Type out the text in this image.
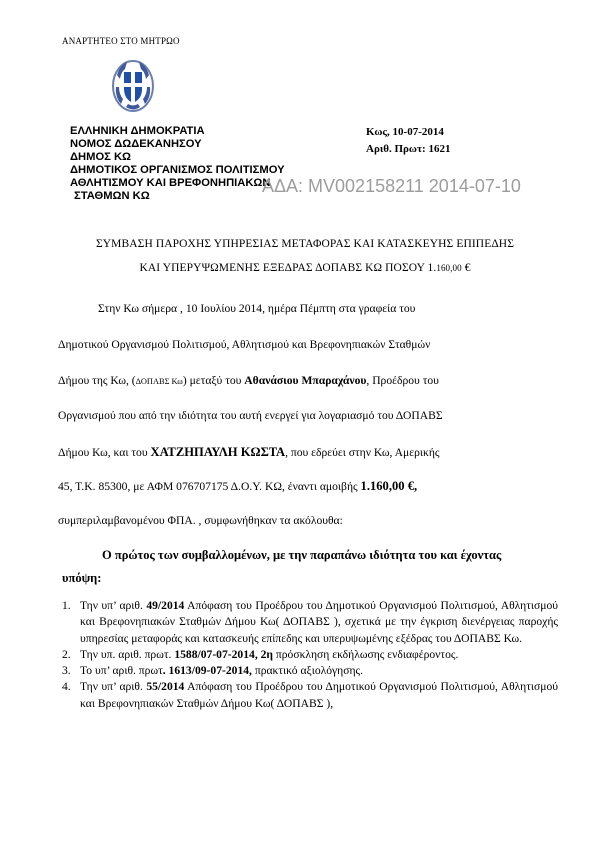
ΑΝΑΡΤΗΤΕΟ ΣΤΟ ΜΗΤΡΩΟ
ΕΛΛΗΝΙΚΗ ΔΗΜΟΚΡΑΤΙΑ
ΝΟΜΟΣ ΔΩΔΕΚΑΝΗΣΟΥ
ΔΗΜΟΣ ΚΩ
ΔΗΜΟΤΙΚΟΣ ΟΡΓΑΝΙΣΜΟΣ ΠΟΛΙΤΙΣΜΟΥ
ΑΘΛΗΤΙΣΜΟΥ ΚΑΙ ΒΡΕΦΟΝΗΠΙΑΚΩΝ
ΣΤΑΘΜΩΝ ΚΩ
Κως, 10-07-2014
Αριθ. Πρωτ: 1621
ΑΔΑ: MV002158211 2014-07-10
ΣΥΜΒΑΣΗ ΠΑΡΟΧΗΣ ΥΠΗΡΕΣΙΑΣ ΜΕΤΑΦΟΡΑΣ ΚΑΙ ΚΑΤΑΣΚΕΥΗΣ ΕΠΙΠΕΔΗΣ
ΚΑΙ ΥΠΕΡΥΨΩΜΕΝΗΣ ΕΞΕΔΡΑΣ ΔΟΠΑΒΣ ΚΩ ΠΟΣΟΥ 1.160,00 €
Στην Κω σήμερα , 10 Ιουλίου 2014, ημέρα Πέμπτη στα γραφεία του
Δημοτικού Οργανισμού Πολιτισμού, Αθλητισμού και Βρεφονηπιακών Σταθμών
Δήμου της Κω, (ΔΟΠΑΒΣ Κω) μεταξύ του Αθανάσιου Μπαραχάνου, Προέδρου του
Οργανισμού που από την ιδιότητα του αυτή ενεργεί για λογαριασμό του ΔΟΠΑΒΣ
Δήμου Κω, και του ΧΑΤΖΗΠΑΥΛΗ ΚΩΣΤΑ, που εδρεύει στην Κω, Αμερικής
45, Τ.Κ. 85300, με ΑΦΜ 076707175 Δ.Ο.Υ. ΚΩ, έναντι αμοιβής 1.160,00 €,
συμπεριλαμβανομένου ΦΠΑ. , συμφωνήθηκαν τα ακόλουθα:
Ο πρώτος των συμβαλλομένων, με την παραπάνω ιδιότητα του και έχοντας
υπόψη:
1. Την υπ’ αριθ. 49/2014 Απόφαση του Προέδρου του Δημοτικού Οργανισμού Πολιτισμού, Αθλητισμού και Βρεφονηπιακών Σταθμών Δήμου Κω( ΔΟΠΑΒΣ ), σχετικά με την έγκριση διενέργειας παροχής υπηρεσίας μεταφοράς και κατασκευής επίπεδης και υπερυψωμένης εξέδρας του ΔΟΠΑΒΣ Κω.
2. Την υπ. αριθ. πρωτ. 1588/07-07-2014, 2η πρόσκληση εκδήλωσης ενδιαφέροντος.
3. Το υπ’ αριθ. πρωτ. 1613/09-07-2014, πρακτικό αξιολόγησης.
4. Την υπ’ αριθ. 55/2014 Απόφαση του Προέδρου του Δημοτικού Οργανισμού Πολιτισμού, Αθλητισμού και Βρεφονηπιακών Σταθμών Δήμου Κω( ΔΟΠΑΒΣ ),
